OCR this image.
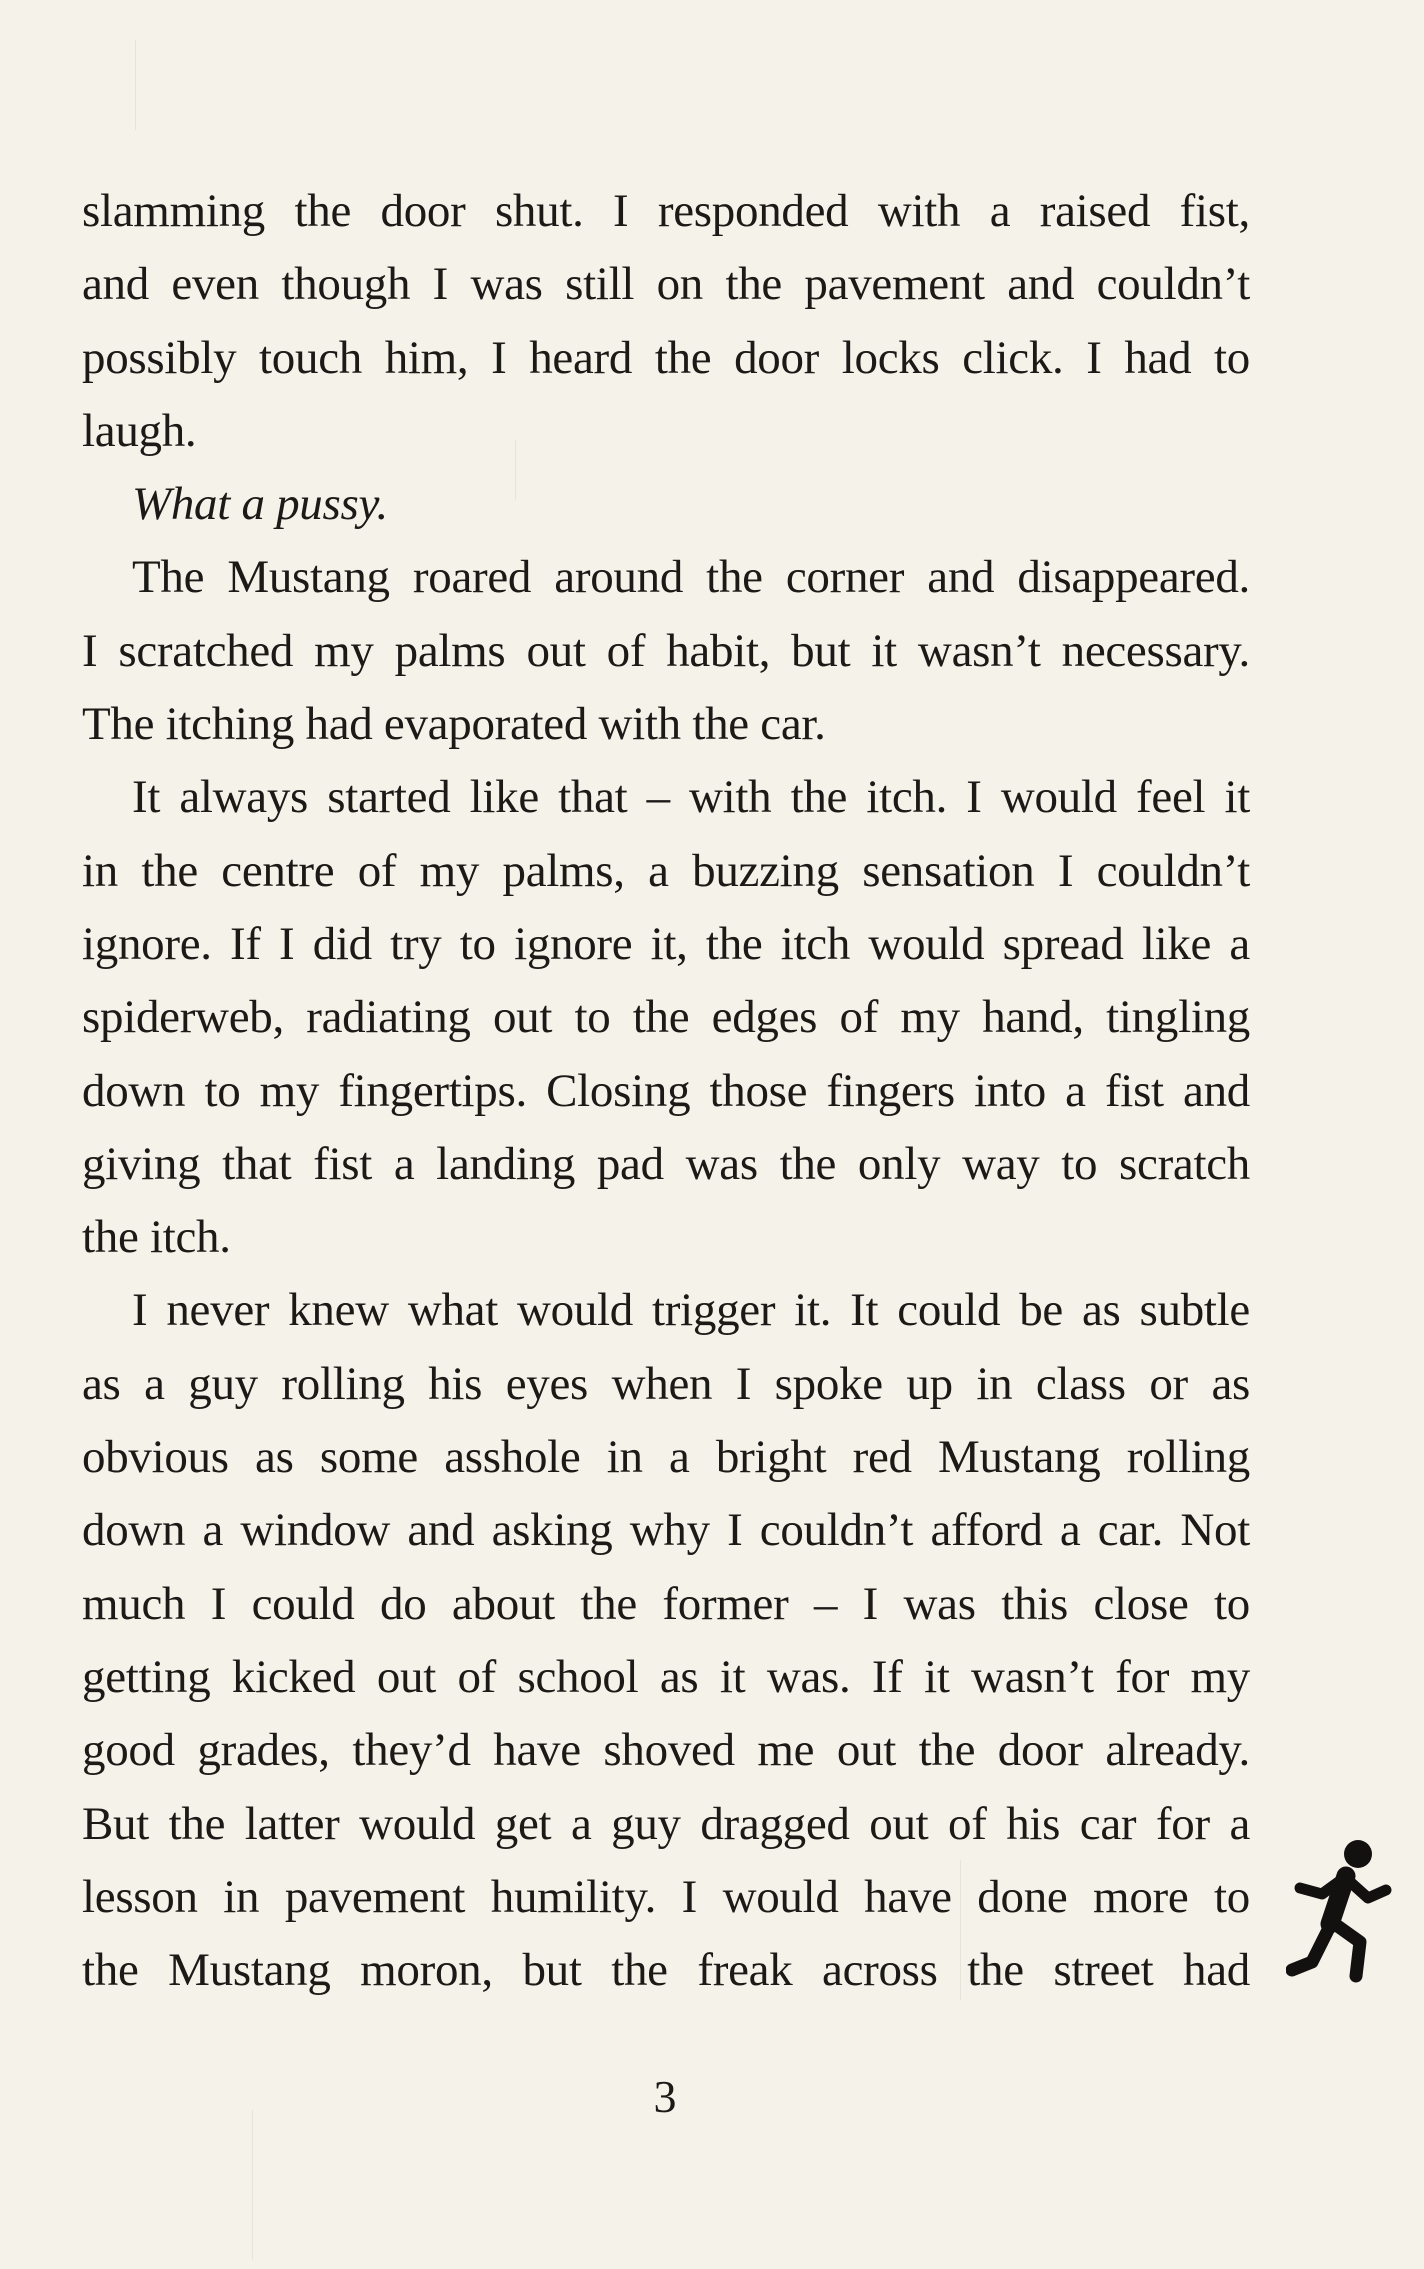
slamming the door shut. I responded with a raised fist,
and even though I was still on the pavement and couldn’t
possibly touch him, I heard the door locks click. I had to
laugh.
What a pussy.
The Mustang roared around the corner and disappeared.
I scratched my palms out of habit, but it wasn’t necessary.
The itching had evaporated with the car.
It always started like that – with the itch. I would feel it
in the centre of my palms, a buzzing sensation I couldn’t
ignore. If I did try to ignore it, the itch would spread like a
spiderweb, radiating out to the edges of my hand, tingling
down to my fingertips. Closing those fingers into a fist and
giving that fist a landing pad was the only way to scratch
the itch.
I never knew what would trigger it. It could be as subtle
as a guy rolling his eyes when I spoke up in class or as
obvious as some asshole in a bright red Mustang rolling
down a window and asking why I couldn’t afford a car. Not
much I could do about the former – I was this close to
getting kicked out of school as it was. If it wasn’t for my
good grades, they’d have shoved me out the door already.
But the latter would get a guy dragged out of his car for a
lesson in pavement humility. I would have done more to
the Mustang moron, but the freak across the street had
3
